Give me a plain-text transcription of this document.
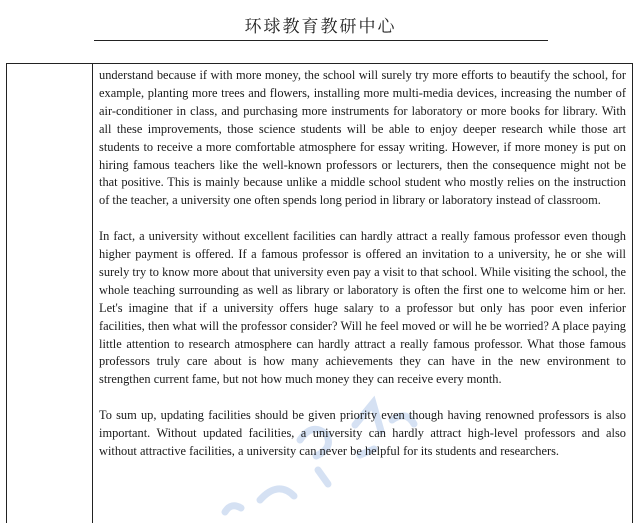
环球教育教研中心

understand because if with more money, the school will surely try more efforts to beautify the school, for example, planting more trees and flowers, installing more multi-media devices, increasing the number of air-conditioner in class, and purchasing more instruments for laboratory or more books for library. With all these improvements, those science students will be able to enjoy deeper research while those art students to receive a more comfortable atmosphere for essay writing. However, if more money is put on hiring famous teachers like the well-known professors or lecturers, then the consequence might not be that positive. This is mainly because unlike a middle school student who mostly relies on the instruction of the teacher, a university one often spends long period in library or laboratory instead of classroom.

In fact, a university without excellent facilities can hardly attract a really famous professor even though higher payment is offered. If a famous professor is offered an invitation to a university, he or she will surely try to know more about that university even pay a visit to that school. While visiting the school, the whole teaching surrounding as well as library or laboratory is often the first one to welcome him or her. Let's imagine that if a university offers huge salary to a professor but only has poor even inferior facilities, then what will the professor consider? Will he feel moved or will he be worried? A place paying little attention to research atmosphere can hardly attract a really famous professor. What those famous professors truly care about is how many achievements they can have in the new environment to strengthen current fame, but not how much money they can receive every month.

To sum up, updating facilities should be given priority even though having renowned professors is also important. Without updated facilities, a university can hardly attract high-level professors and also without attractive facilities, a university can never be helpful for its students and researchers.
